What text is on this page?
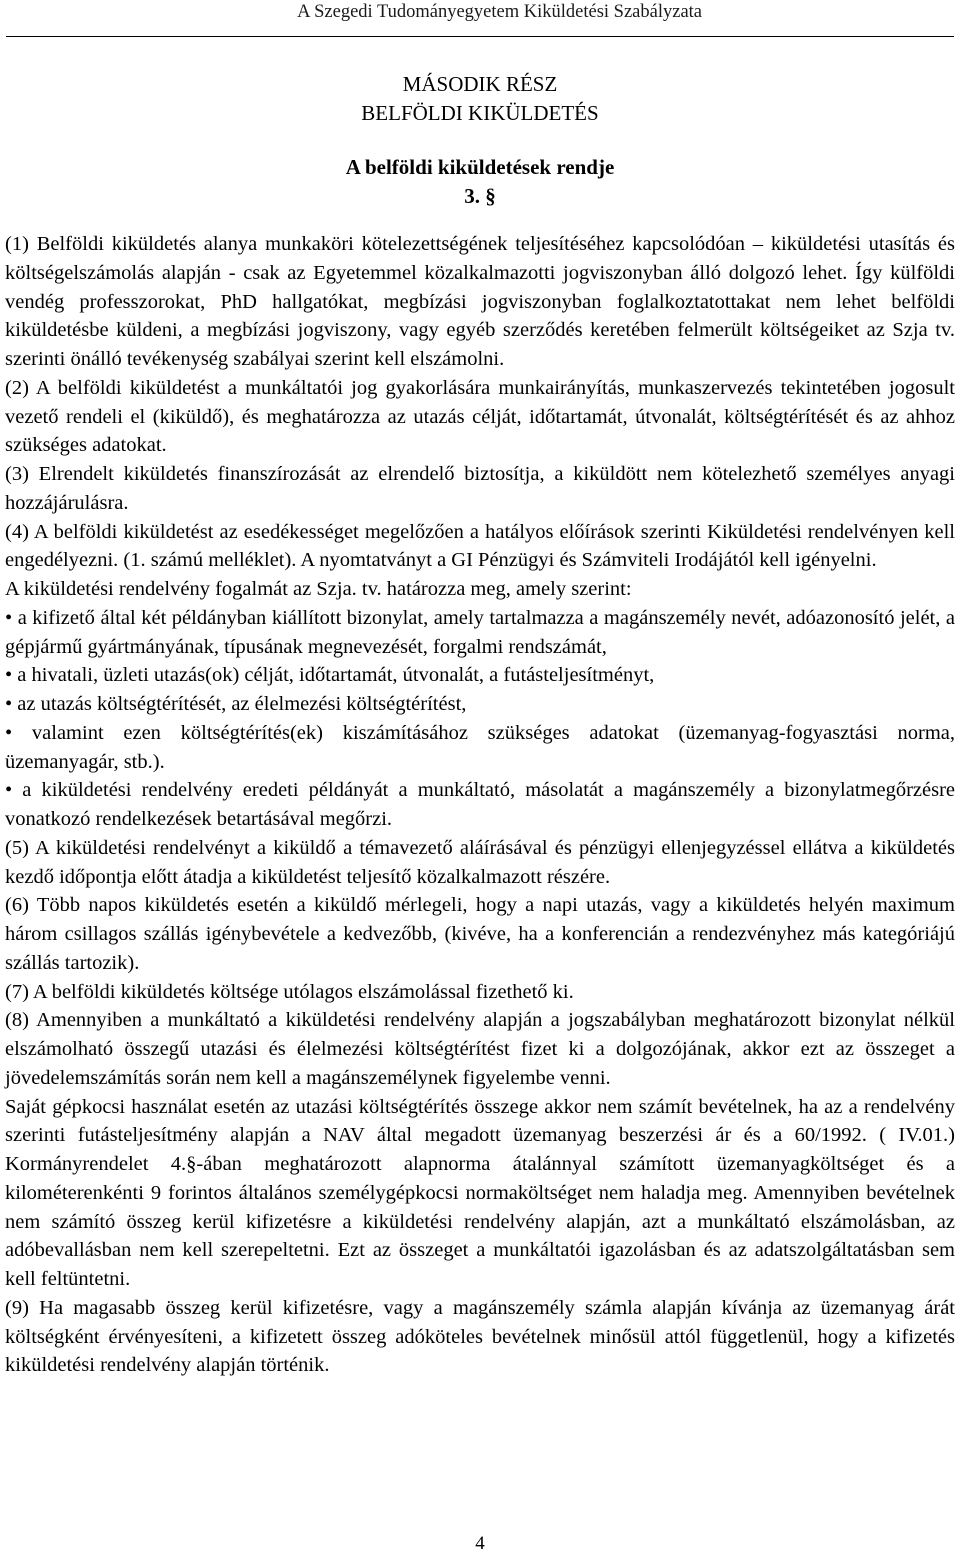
A Szegedi Tudományegyetem Kiküldetési Szabályzata
MÁSODIK RÉSZ
BELFÖLDI KIKÜLDETÉS
A belföldi kiküldetések rendje
3. §

(1) Belföldi kiküldetés alanya munkaköri kötelezettségének teljesítéséhez kapcsolódóan – kiküldetési utasítás és költségelszámolás alapján - csak az Egyetemmel közalkalmazotti jogviszonyban álló dolgozó lehet. Így külföldi vendég professzorokat, PhD hallgatókat, megbízási jogviszonyban foglalkoztatottakat nem lehet belföldi kiküldetésbe küldeni, a megbízási jogviszony, vagy egyéb szerződés keretében felmerült költségeiket az Szja tv. szerinti önálló tevékenység szabályai szerint kell elszámolni.

(2) A belföldi kiküldetést a munkáltatói jog gyakorlására munkairányítás, munkaszervezés tekintetében jogosult vezető rendeli el (kiküldő), és meghatározza az utazás célját, időtartamát, útvonalát, költségtérítését és az ahhoz szükséges adatokat.

(3) Elrendelt kiküldetés finanszírozását az elrendelő biztosítja, a kiküldött nem kötelezhető személyes anyagi hozzájárulásra.

(4) A belföldi kiküldetést az esedékességet megelőzően a hatályos előírások szerinti Kiküldetési rendelvényen kell engedélyezni. (1. számú melléklet). A nyomtatványt a GI Pénzügyi és Számviteli Irodájától kell igényelni.

A kiküldetési rendelvény fogalmát az Szja. tv. határozza meg, amely szerint:

• a kifizető által két példányban kiállított bizonylat, amely tartalmazza a magánszemély nevét, adóazonosító jelét, a gépjármű gyártmányának, típusának megnevezését, forgalmi rendszámát,

• a hivatali, üzleti utazás(ok) célját, időtartamát, útvonalát, a futásteljesítményt,

• az utazás költségtérítését, az élelmezési költségtérítést,

• valamint ezen költségtérítés(ek) kiszámításához szükséges adatokat (üzemanyag-fogyasztási norma, üzemanyagár, stb.).

• a kiküldetési rendelvény eredeti példányát a munkáltató, másolatát a magánszemély a bizonylatmegőrzésre vonatkozó rendelkezések betartásával megőrzi.

(5) A kiküldetési rendelvényt a kiküldő a témavezető aláírásával és pénzügyi ellenjegyzéssel ellátva a kiküldetés kezdő időpontja előtt átadja a kiküldetést teljesítő közalkalmazott részére.

(6) Több napos kiküldetés esetén a kiküldő mérlegeli, hogy a napi utazás, vagy a kiküldetés helyén maximum három csillagos szállás igénybevétele a kedvezőbb, (kivéve, ha a konferencián a rendezvényhez más kategóriájú szállás tartozik).

(7) A belföldi kiküldetés költsége utólagos elszámolással fizethető ki.

(8) Amennyiben a munkáltató a kiküldetési rendelvény alapján a jogszabályban meghatározott bizonylat nélkül elszámolható összegű utazási és élelmezési költségtérítést fizet ki a dolgozójának, akkor ezt az összeget a jövedelemszámítás során nem kell a magánszemélynek figyelembe venni.

Saját gépkocsi használat esetén az utazási költségtérítés összege akkor nem számít bevételnek, ha az a rendelvény szerinti futásteljesítmény alapján a NAV által megadott üzemanyag beszerzési ár és a 60/1992. ( IV.01.) Kormányrendelet 4.§-ában meghatározott alapnorma átalánnyal számított üzemanyagköltséget és a kilométerenkénti 9 forintos általános személygépkocsi normaköltséget nem haladja meg. Amennyiben bevételnek nem számító összeg kerül kifizetésre a kiküldetési rendelvény alapján, azt a munkáltató elszámolásban, az adóbevallásban nem kell szerepeltetni. Ezt az összeget a munkáltatói igazolásban és az adatszolgáltatásban sem kell feltüntetni.

(9) Ha magasabb összeg kerül kifizetésre, vagy a magánszemély számla alapján kívánja az üzemanyag árát költségként érvényesíteni, a kifizetett összeg adóköteles bevételnek minősül attól függetlenül, hogy a kifizetés kiküldetési rendelvény alapján történik.

4
